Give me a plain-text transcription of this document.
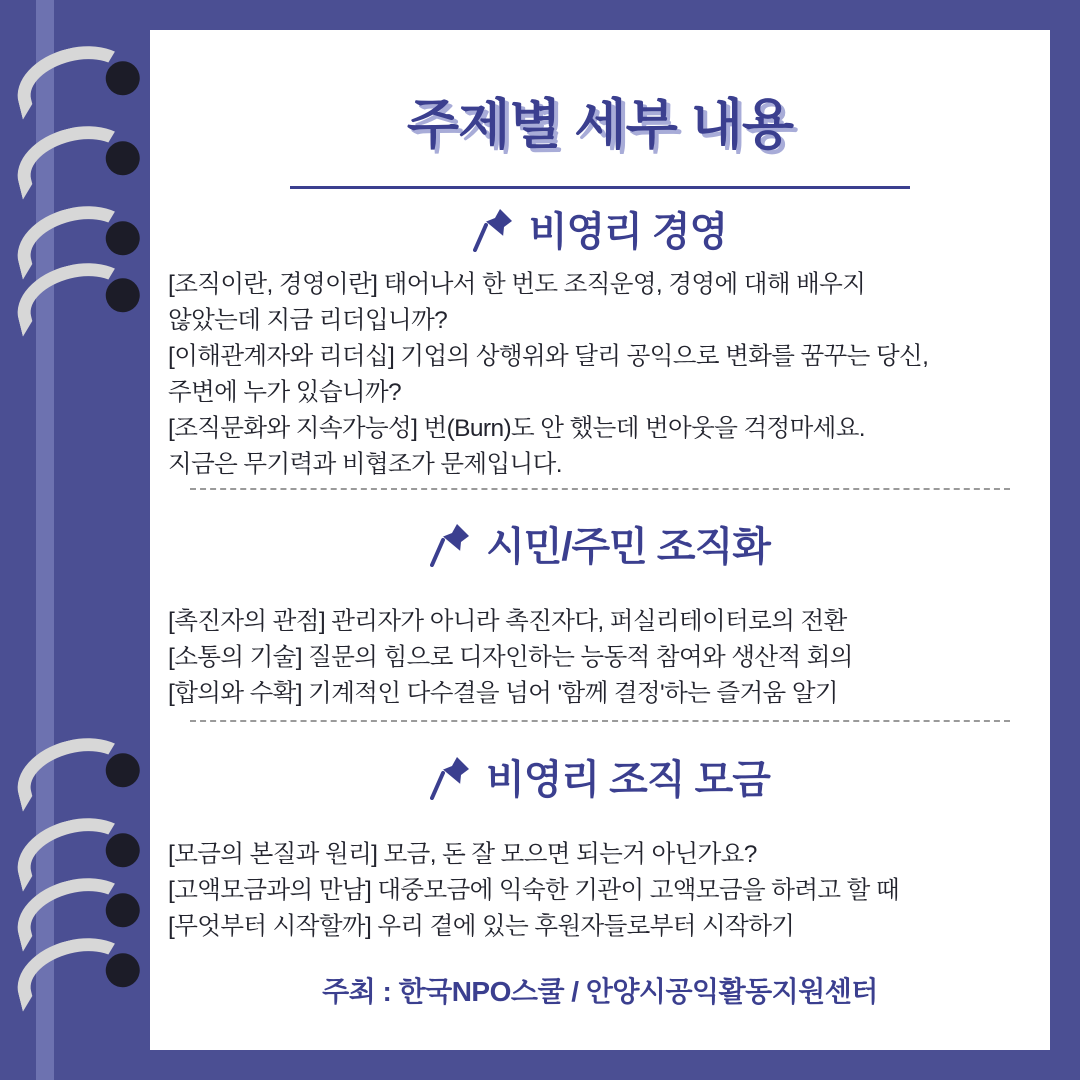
주제별 세부 내용
비영리 경영

[조직이란, 경영이란] 태어나서 한 번도 조직운영, 경영에 대해 배우지

않았는데 지금 리더입니까?

[이해관계자와 리더십] 기업의 상행위와 달리 공익으로 변화를 꿈꾸는 당신,

주변에 누가 있습니까?

[조직문화와 지속가능성] 번(Burn)도 안 했는데 번아웃을 걱정마세요.

지금은 무기력과 비협조가 문제입니다.

시민/주민 조직화

[촉진자의 관점] 관리자가 아니라 촉진자다, 퍼실리테이터로의 전환

[소통의 기술] 질문의 힘으로 디자인하는 능동적 참여와 생산적 회의

[합의와 수확] 기계적인 다수결을 넘어 '함께 결정'하는 즐거움 알기

비영리 조직 모금

[모금의 본질과 원리] 모금, 돈 잘 모으면 되는거 아닌가요?

[고액모금과의 만남] 대중모금에 익숙한 기관이 고액모금을 하려고 할 때

[무엇부터 시작할까] 우리 곁에 있는 후원자들로부터 시작하기

주최 : 한국NPO스쿨 / 안양시공익활동지원센터
